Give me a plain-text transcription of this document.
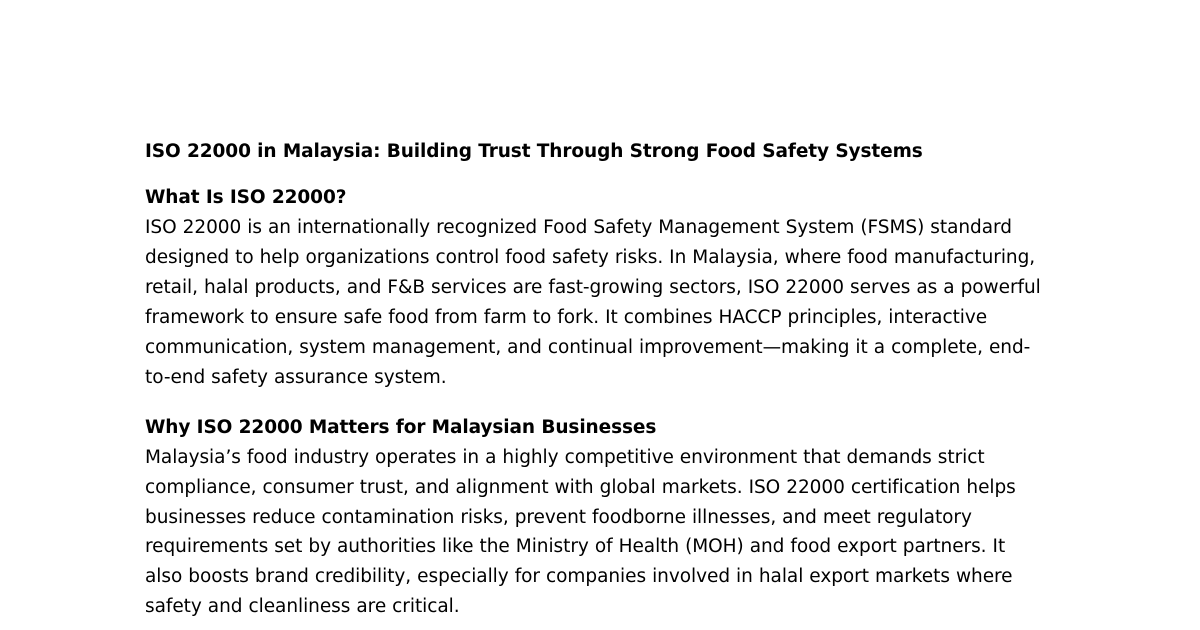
ISO 22000 in Malaysia: Building Trust Through Strong Food Safety Systems
What Is ISO 22000?

ISO 22000 is an internationally recognized Food Safety Management System (FSMS) standard designed to help organizations control food safety risks. In Malaysia, where food manufacturing, retail, halal products, and F&B services are fast-growing sectors, ISO 22000 serves as a powerful framework to ensure safe food from farm to fork. It combines HACCP principles, interactive communication, system management, and continual improvement—making it a complete, end-to-end safety assurance system.

Why ISO 22000 Matters for Malaysian Businesses

Malaysia’s food industry operates in a highly competitive environment that demands strict compliance, consumer trust, and alignment with global markets. ISO 22000 certification helps businesses reduce contamination risks, prevent foodborne illnesses, and meet regulatory requirements set by authorities like the Ministry of Health (MOH) and food export partners. It also boosts brand credibility, especially for companies involved in halal export markets where safety and cleanliness are critical.
